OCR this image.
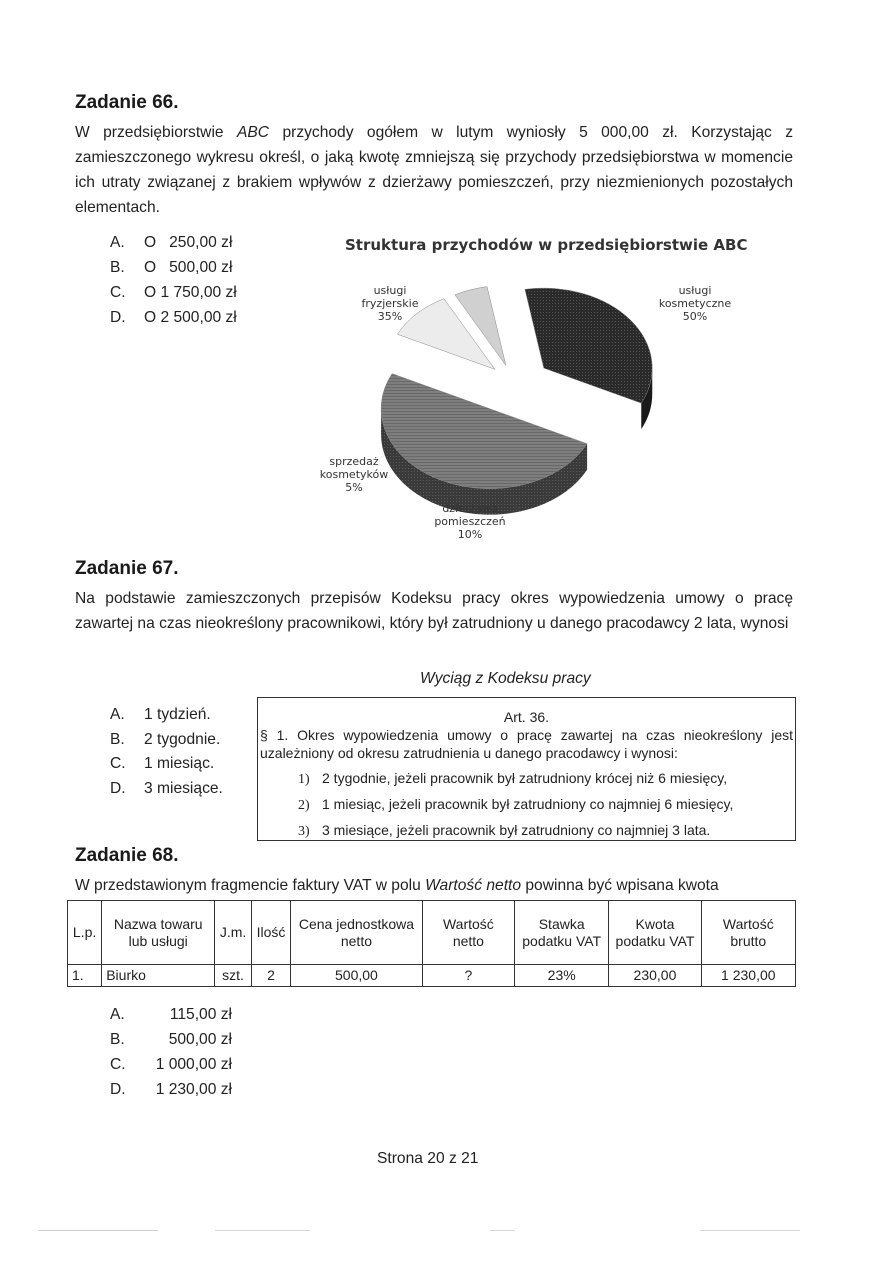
Zadanie 66.
W przedsiębiorstwie ABC przychody ogółem w lutym wyniosły 5 000,00 zł. Korzystając z zamieszczonego wykresu określ, o jaką kwotę zmniejszą się przychody przedsiębiorstwa w momencie ich utraty związanej z brakiem wpływów z dzierżawy pomieszczeń, przy niezmienionych pozostałych elementach.
A. O   250,00 zł
B. O   500,00 zł
C. O 1 750,00 zł
D. O 2 500,00 zł
Struktura przychodów w przedsiębiorstwie ABC
usługi
fryzjerskie
35%
usługi
kosmetyczne
50%
dzierżawa
pomieszczeń
10%
sprzedaż
kosmetyków
5%
Zadanie 67.
Na podstawie zamieszczonych przepisów Kodeksu pracy okres wypowiedzenia umowy o pracę zawartej na czas nieokreślony pracownikowi, który był zatrudniony u danego pracodawcy 2 lata, wynosi
Wyciąg z Kodeksu pracy
A. 1 tydzień.
B. 2 tygodnie.
C. 1 miesiąc.
D. 3 miesiące.
Art. 36.
§ 1. Okres wypowiedzenia umowy o pracę zawartej na czas nieokreślony jest uzależniony od okresu zatrudnienia u danego pracodawcy i wynosi:
1) 2 tygodnie, jeżeli pracownik był zatrudniony krócej niż 6 miesięcy,
2) 1 miesiąc, jeżeli pracownik był zatrudniony co najmniej 6 miesięcy,
3) 3 miesiące, jeżeli pracownik był zatrudniony co najmniej 3 lata.
Zadanie 68.
W przedstawionym fragmencie faktury VAT w polu Wartość netto powinna być wpisana kwota
L.p.	Nazwa towaru lub usługi	J.m.	Ilość	Cena jednostkowa netto	Wartość netto	Stawka podatku VAT	Kwota podatku VAT	Wartość brutto
1.	Biurko	szt.	2	500,00	?	23%	230,00	1 230,00
A.	115,00 zł
B.	500,00 zł
C. 1 000,00 zł
D. 1 230,00 zł
Strona 20 z 21
